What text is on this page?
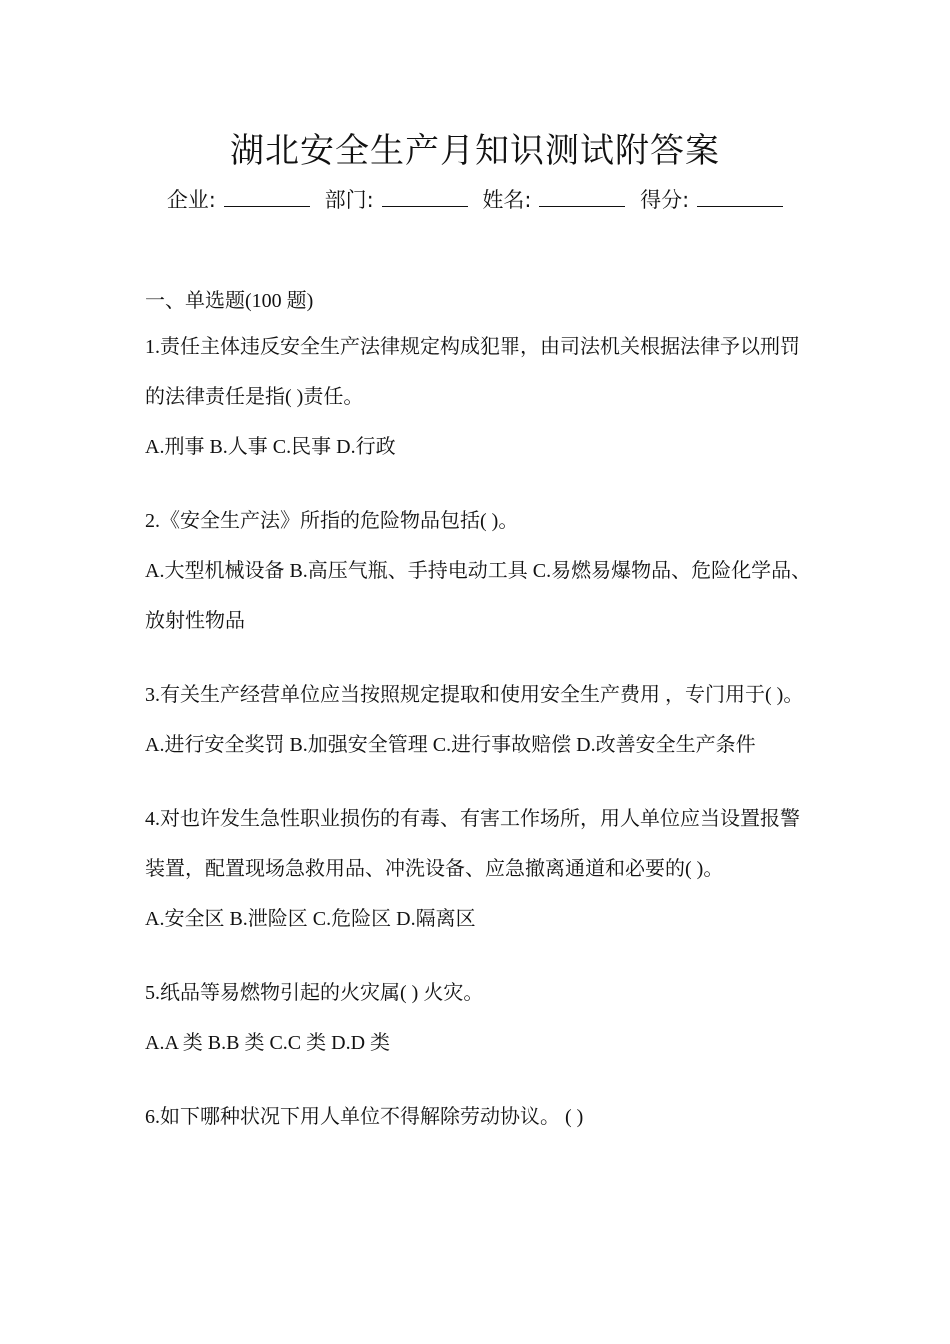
湖北安全生产月知识测试附答案
企业:	部门:	姓名:	得分:

一、单选题(100 题)

1.责任主体违反安全生产法律规定构成犯罪，由司法机关根据法律予以刑罚的法律责任是指( )责任。

A.刑事 B.人事 C.民事 D.行政

2.《安全生产法》所指的危险物品包括( )。

A.大型机械设备 B.高压气瓶、手持电动工具 C.易燃易爆物品、危险化学品、放射性物品

3.有关生产经营单位应当按照规定提取和使用安全生产费用 ，专门用于( )。

A.进行安全奖罚 B.加强安全管理 C.进行事故赔偿 D.改善安全生产条件

4.对也许发生急性职业损伤的有毒、有害工作场所，用人单位应当设置报警装置，配置现场急救用品、冲洗设备、应急撤离通道和必要的( )。

A.安全区 B.泄险区 C.危险区 D.隔离区

5.纸品等易燃物引起的火灾属( ) 火灾。

A.A 类 B.B 类 C.C 类 D.D 类

6.如下哪种状况下用人单位不得解除劳动协议。 ( )
